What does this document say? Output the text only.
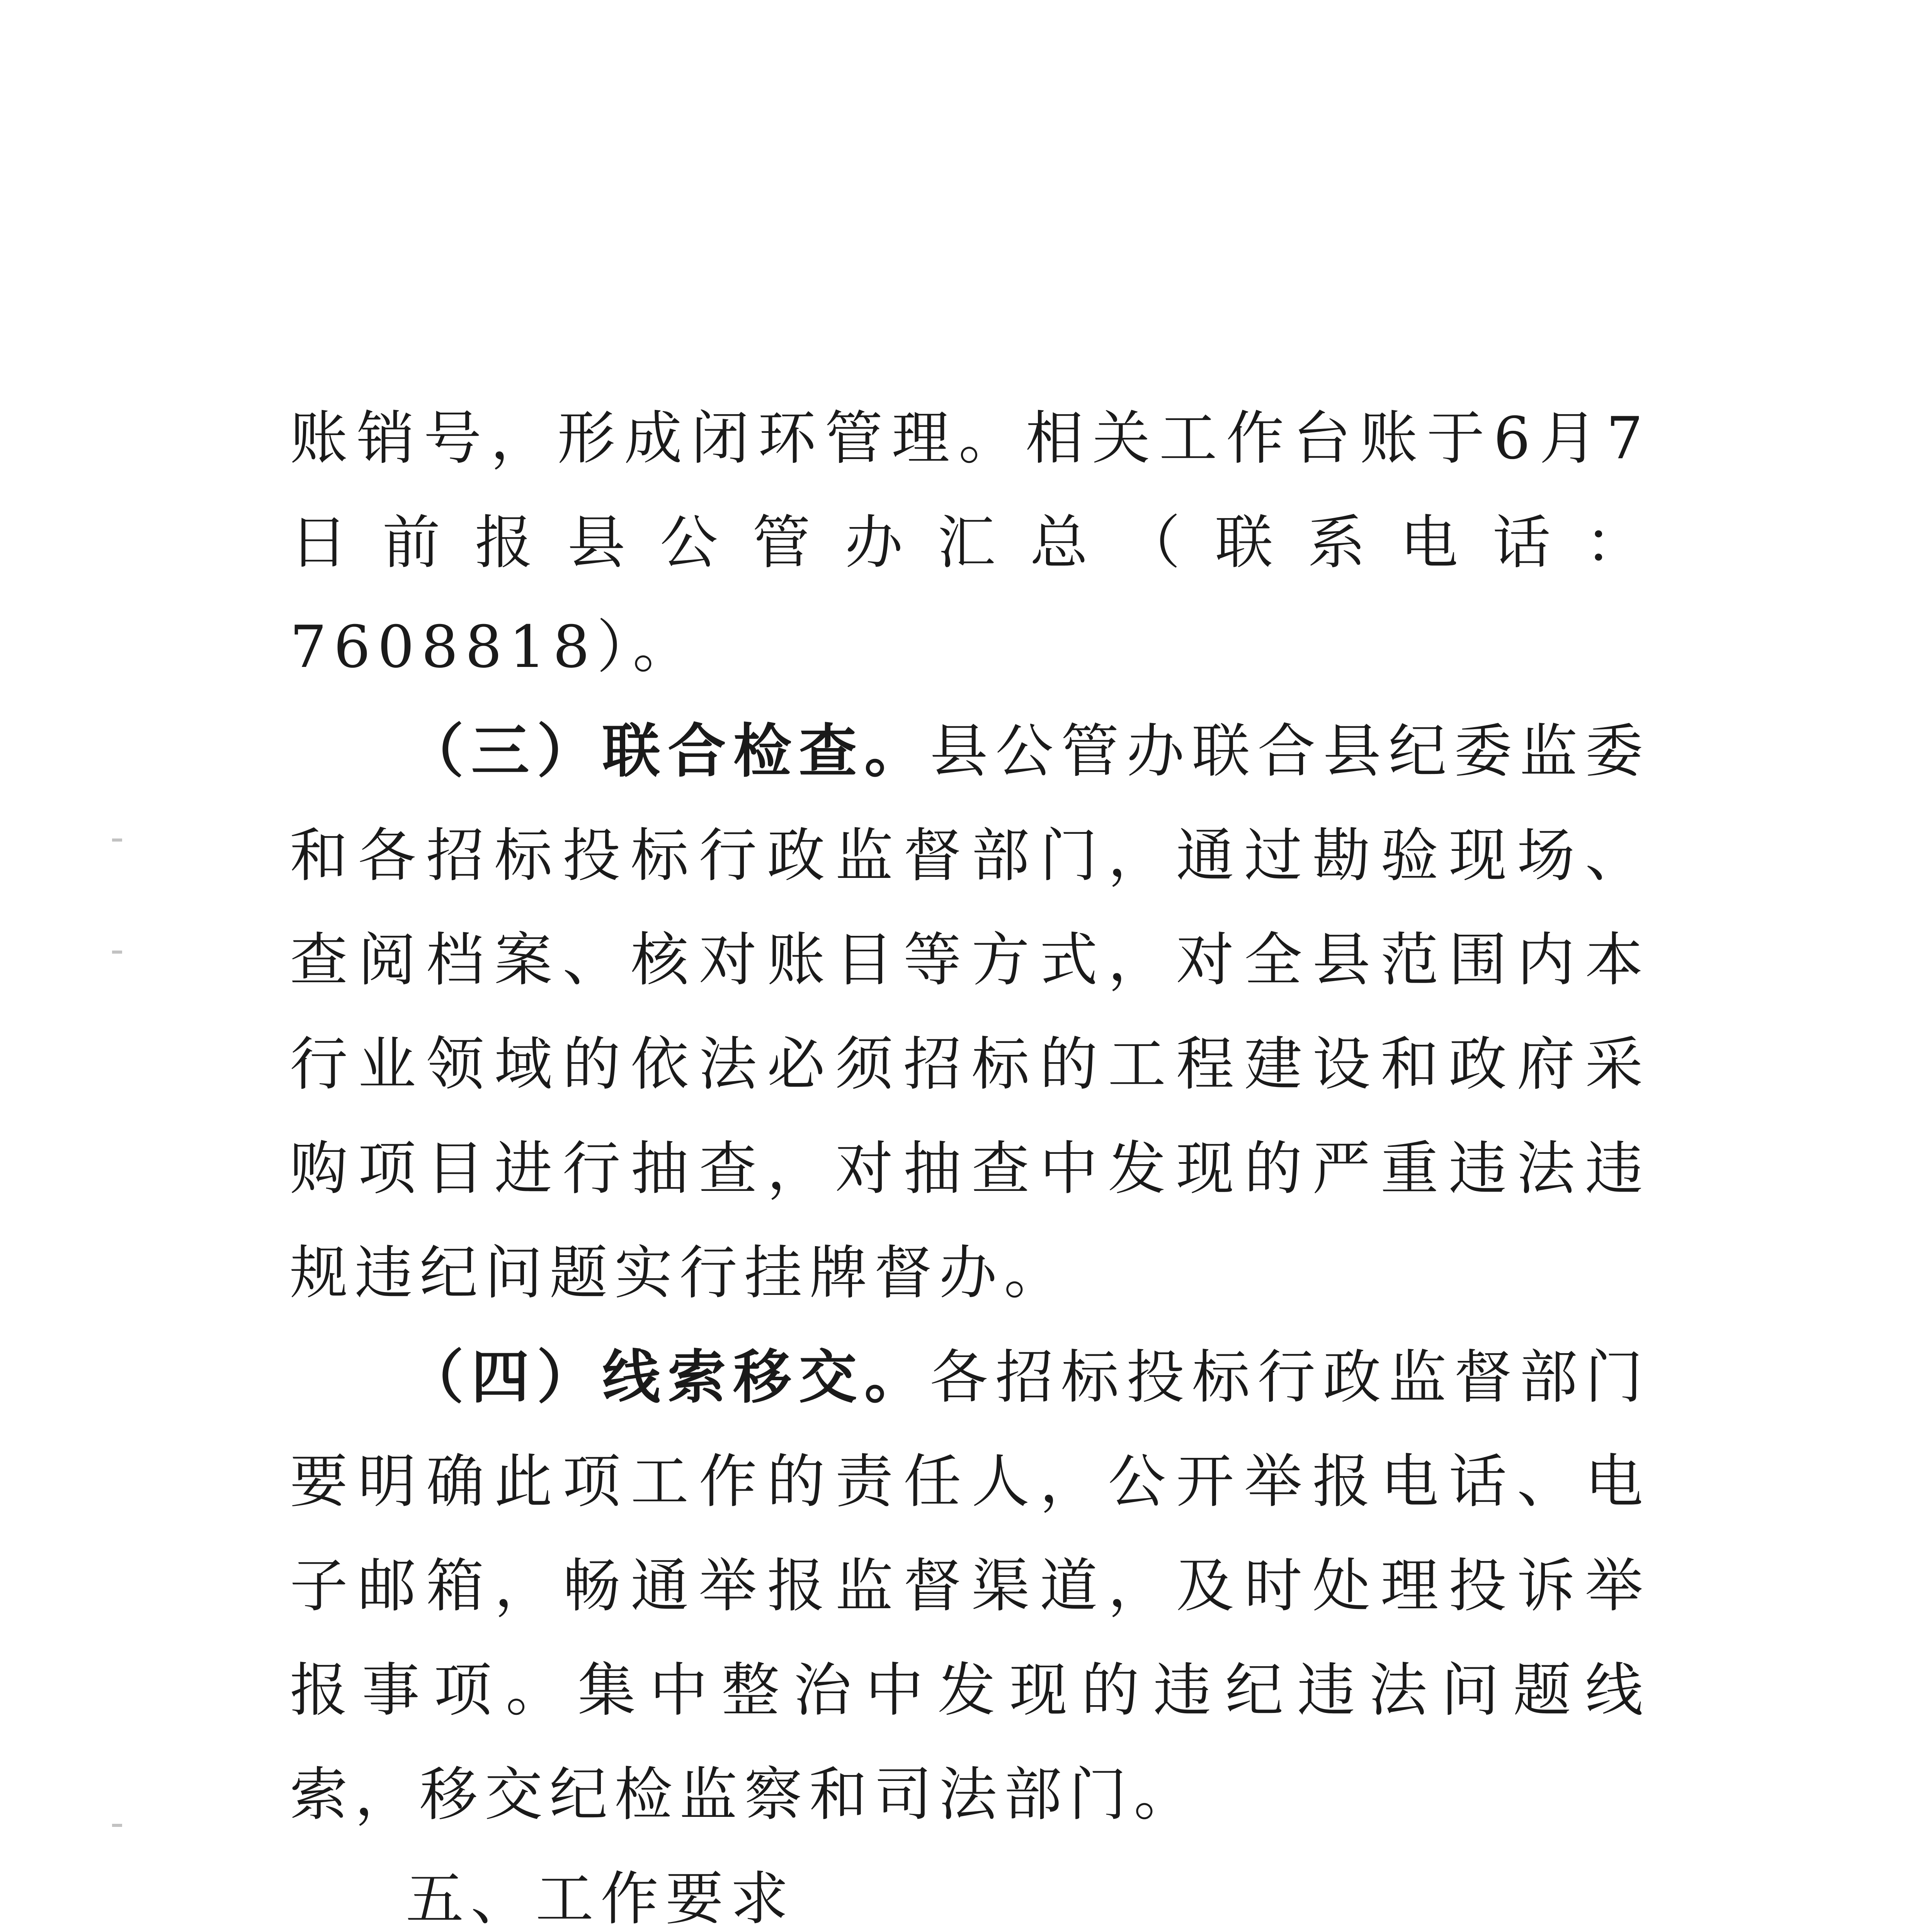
账销号，形成闭环管理。相关工作台账于6月7日前报县公管办汇总（联系电话：7608818）。

（三）联合检查。县公管办联合县纪委监委和各招标投标行政监督部门，通过勘验现场、查阅档案、核对账目等方式，对全县范围内本行业领域的依法必须招标的工程建设和政府采购项目进行抽查，对抽查中发现的严重违法违规违纪问题实行挂牌督办。

（四）线索移交。各招标投标行政监督部门要明确此项工作的责任人，公开举报电话、电子邮箱，畅通举报监督渠道，及时处理投诉举报事项。集中整治中发现的违纪违法问题线索，移交纪检监察和司法部门。

五、工作要求
